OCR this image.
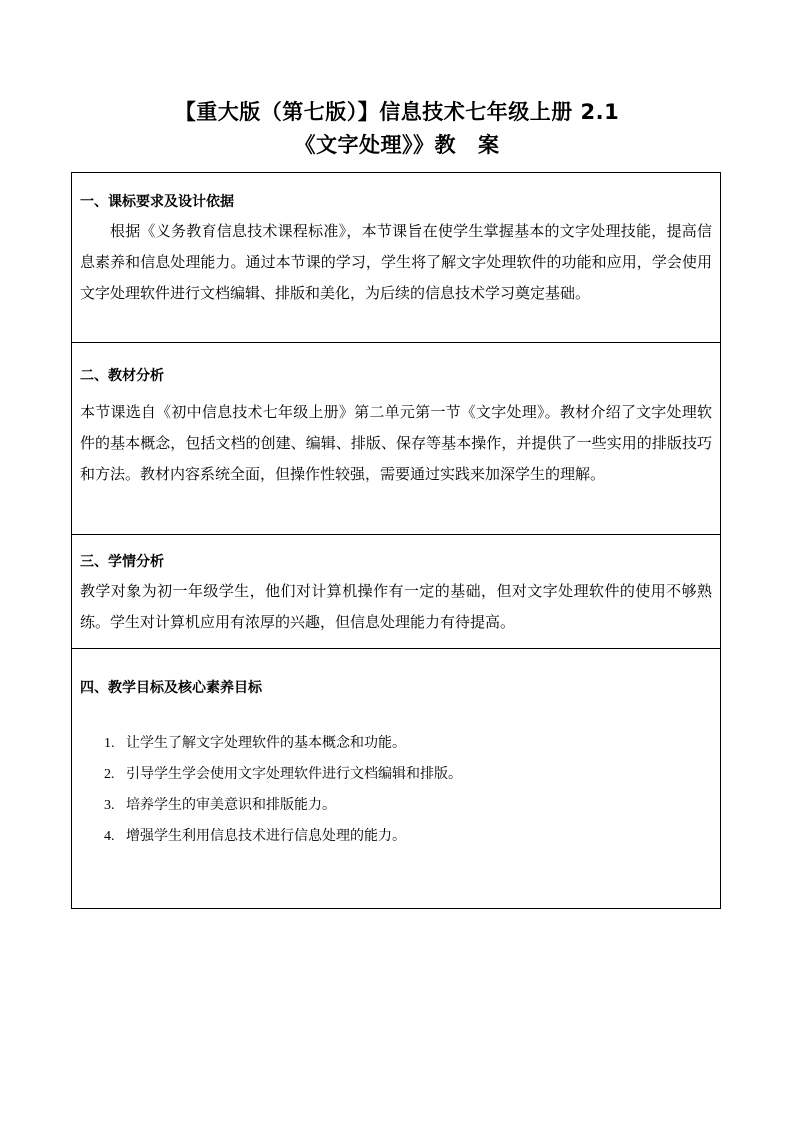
【重大版（第七版）】信息技术七年级上册 2.1
《文字处理》》教 案
一、课标要求及设计依据
根据《义务教育信息技术课程标准》，本节课旨在使学生掌握基本的文字处理技能，提高信息素养和信息处理能力。通过本节课的学习，学生将了解文字处理软件的功能和应用，学会使用文字处理软件进行文档编辑、排版和美化，为后续的信息技术学习奠定基础。
二、教材分析
本节课选自《初中信息技术七年级上册》第二单元第一节《文字处理》。教材介绍了文字处理软件的基本概念，包括文档的创建、编辑、排版、保存等基本操作，并提供了一些实用的排版技巧和方法。教材内容系统全面，但操作性较强，需要通过实践来加深学生的理解。
三、学情分析
教学对象为初一年级学生，他们对计算机操作有一定的基础，但对文字处理软件的使用不够熟练。学生对计算机应用有浓厚的兴趣，但信息处理能力有待提高。
四、教学目标及核心素养目标
1. 让学生了解文字处理软件的基本概念和功能。
2. 引导学生学会使用文字处理软件进行文档编辑和排版。
3. 培养学生的审美意识和排版能力。
4. 增强学生利用信息技术进行信息处理的能力。
